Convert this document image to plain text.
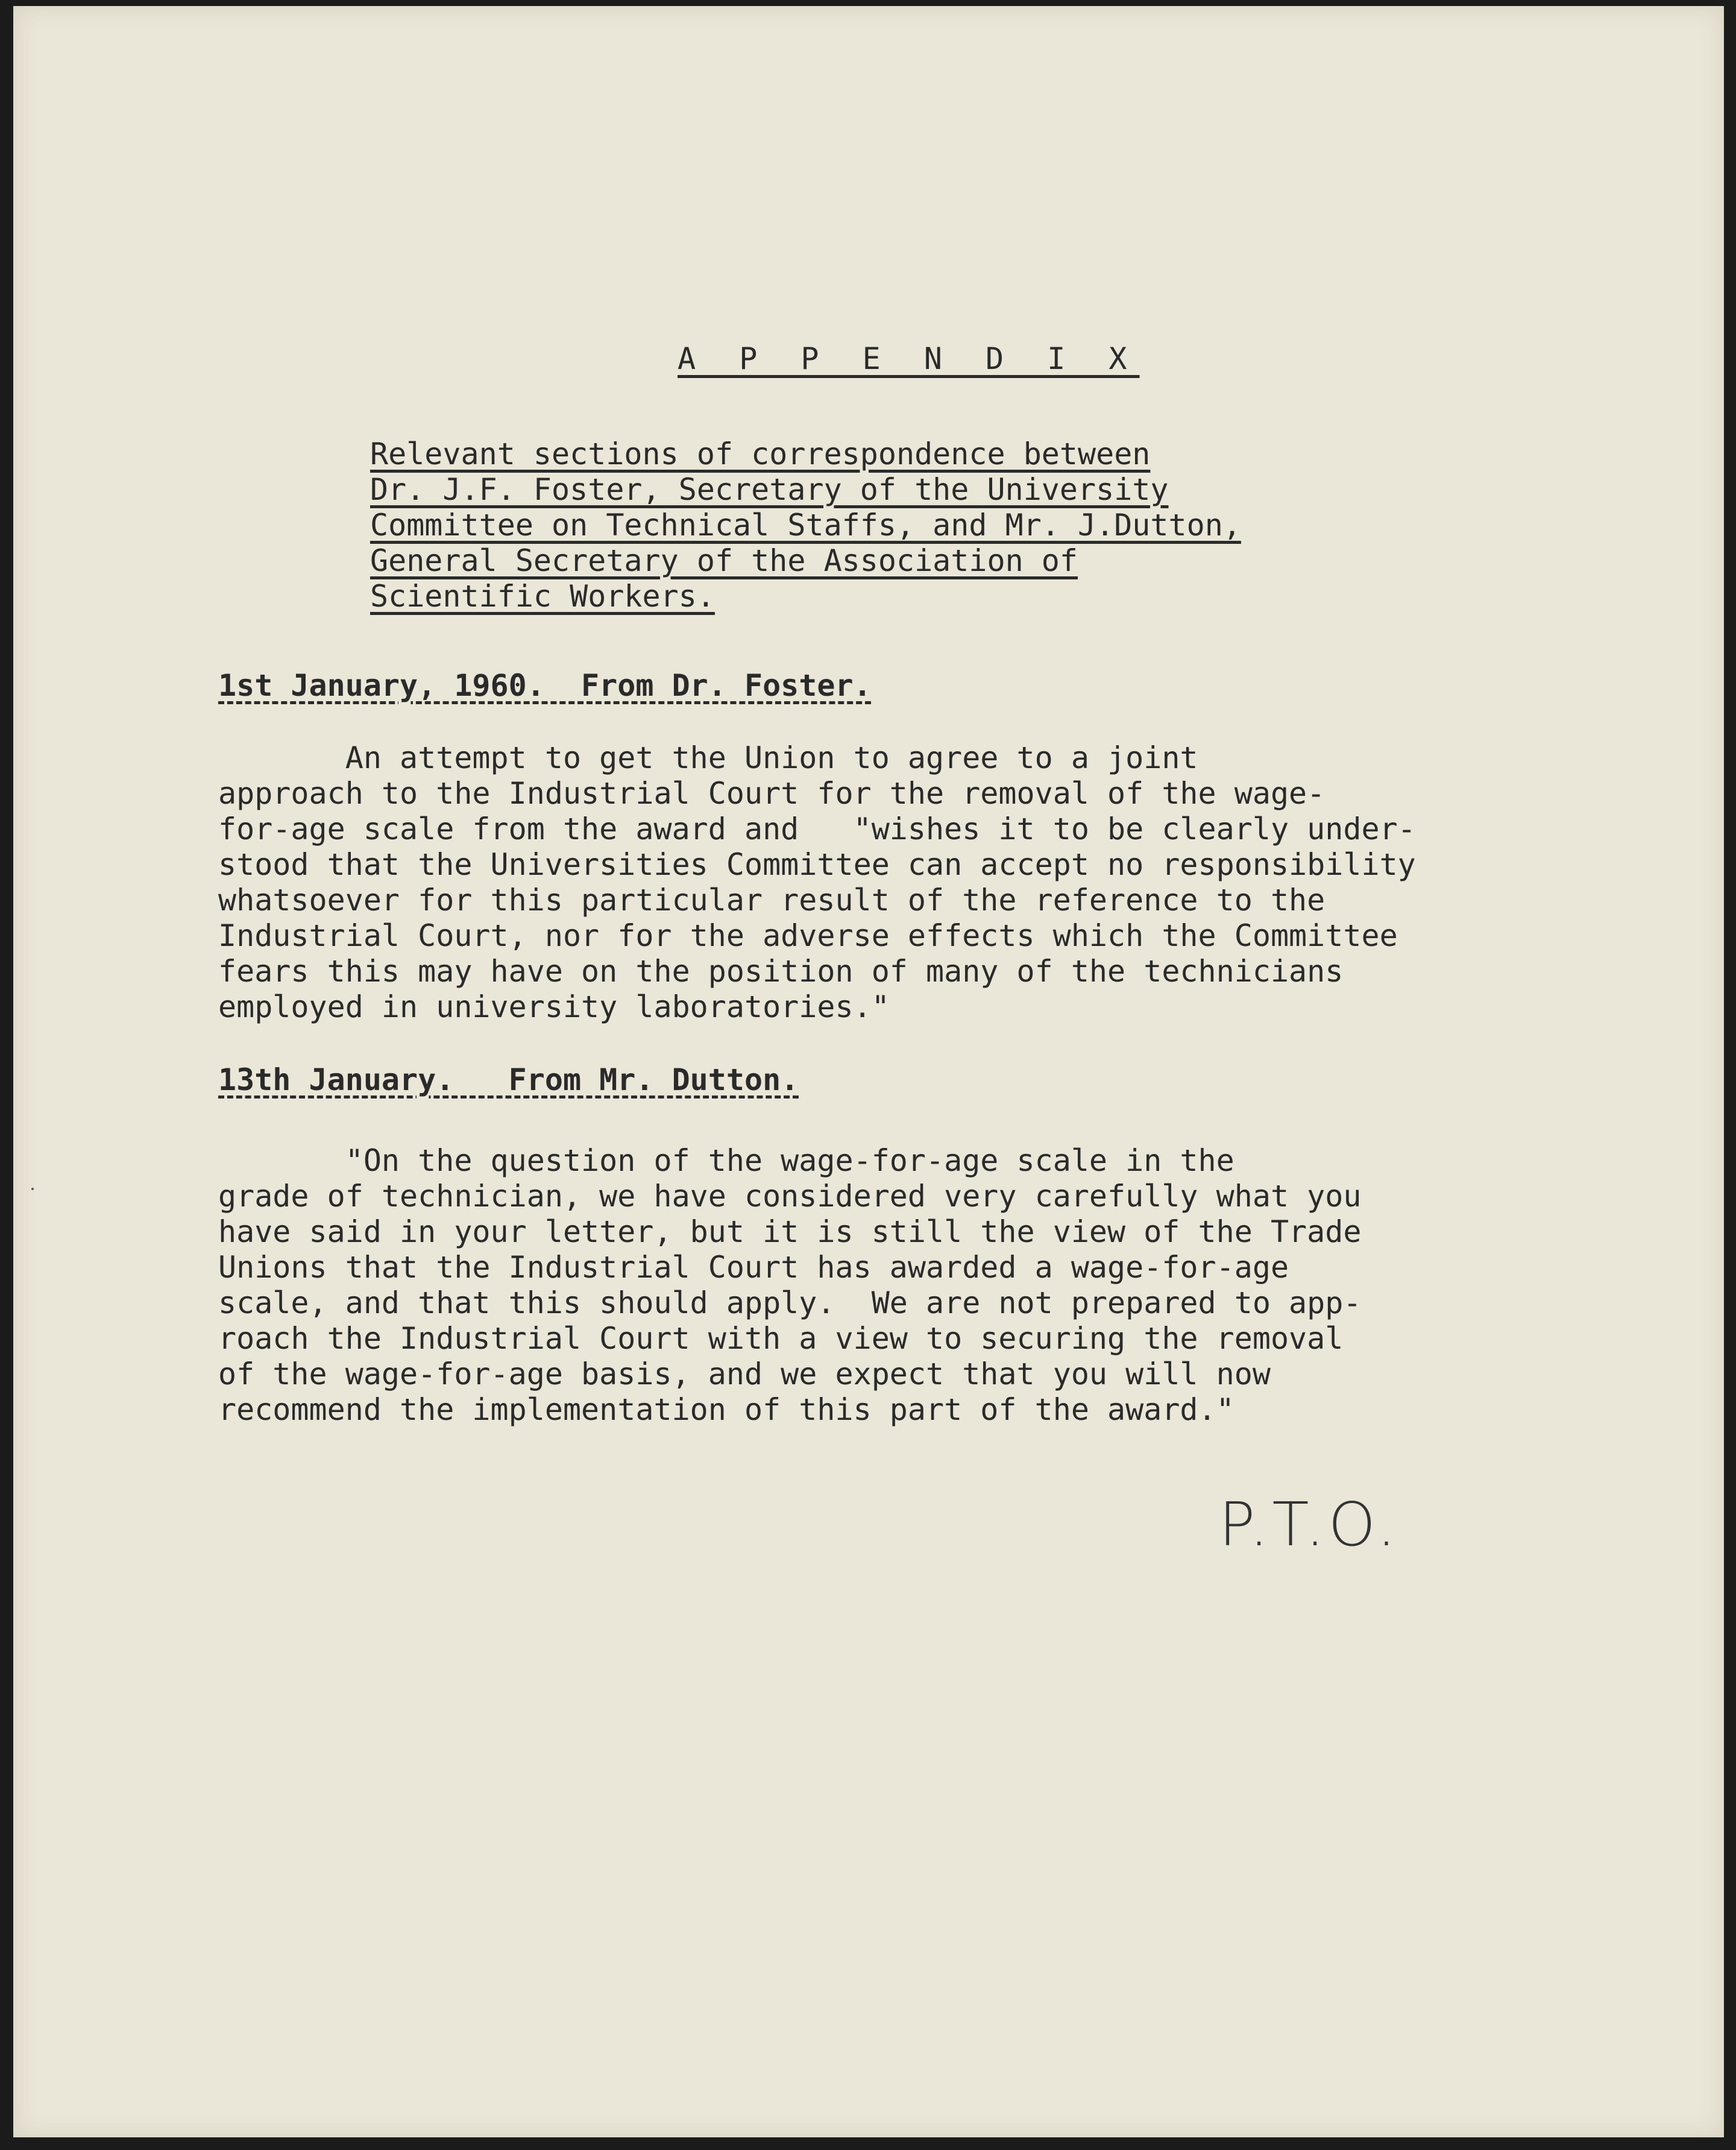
A P P E N D I X
Relevant sections of correspondence between
Dr. J.F. Foster, Secretary of the University
Committee on Technical Staffs, and Mr. J.Dutton,
General Secretary of the Association of
Scientific Workers.
1st January, 1960.  From Dr. Foster.
An attempt to get the Union to agree to a joint
approach to the Industrial Court for the removal of the wage-
for-age scale from the award and   "wishes it to be clearly under-
stood that the Universities Committee can accept no responsibility
whatsoever for this particular result of the reference to the
Industrial Court, nor for the adverse effects which the Committee
fears this may have on the position of many of the technicians
employed in university laboratories."
13th January.   From Mr. Dutton.
"On the question of the wage-for-age scale in the
grade of technician, we have considered very carefully what you
have said in your letter, but it is still the view of the Trade
Unions that the Industrial Court has awarded a wage-for-age
scale, and that this should apply.  We are not prepared to app-
roach the Industrial Court with a view to securing the removal
of the wage-for-age basis, and we expect that you will now
recommend the implementation of this part of the award."
P.T.O.
